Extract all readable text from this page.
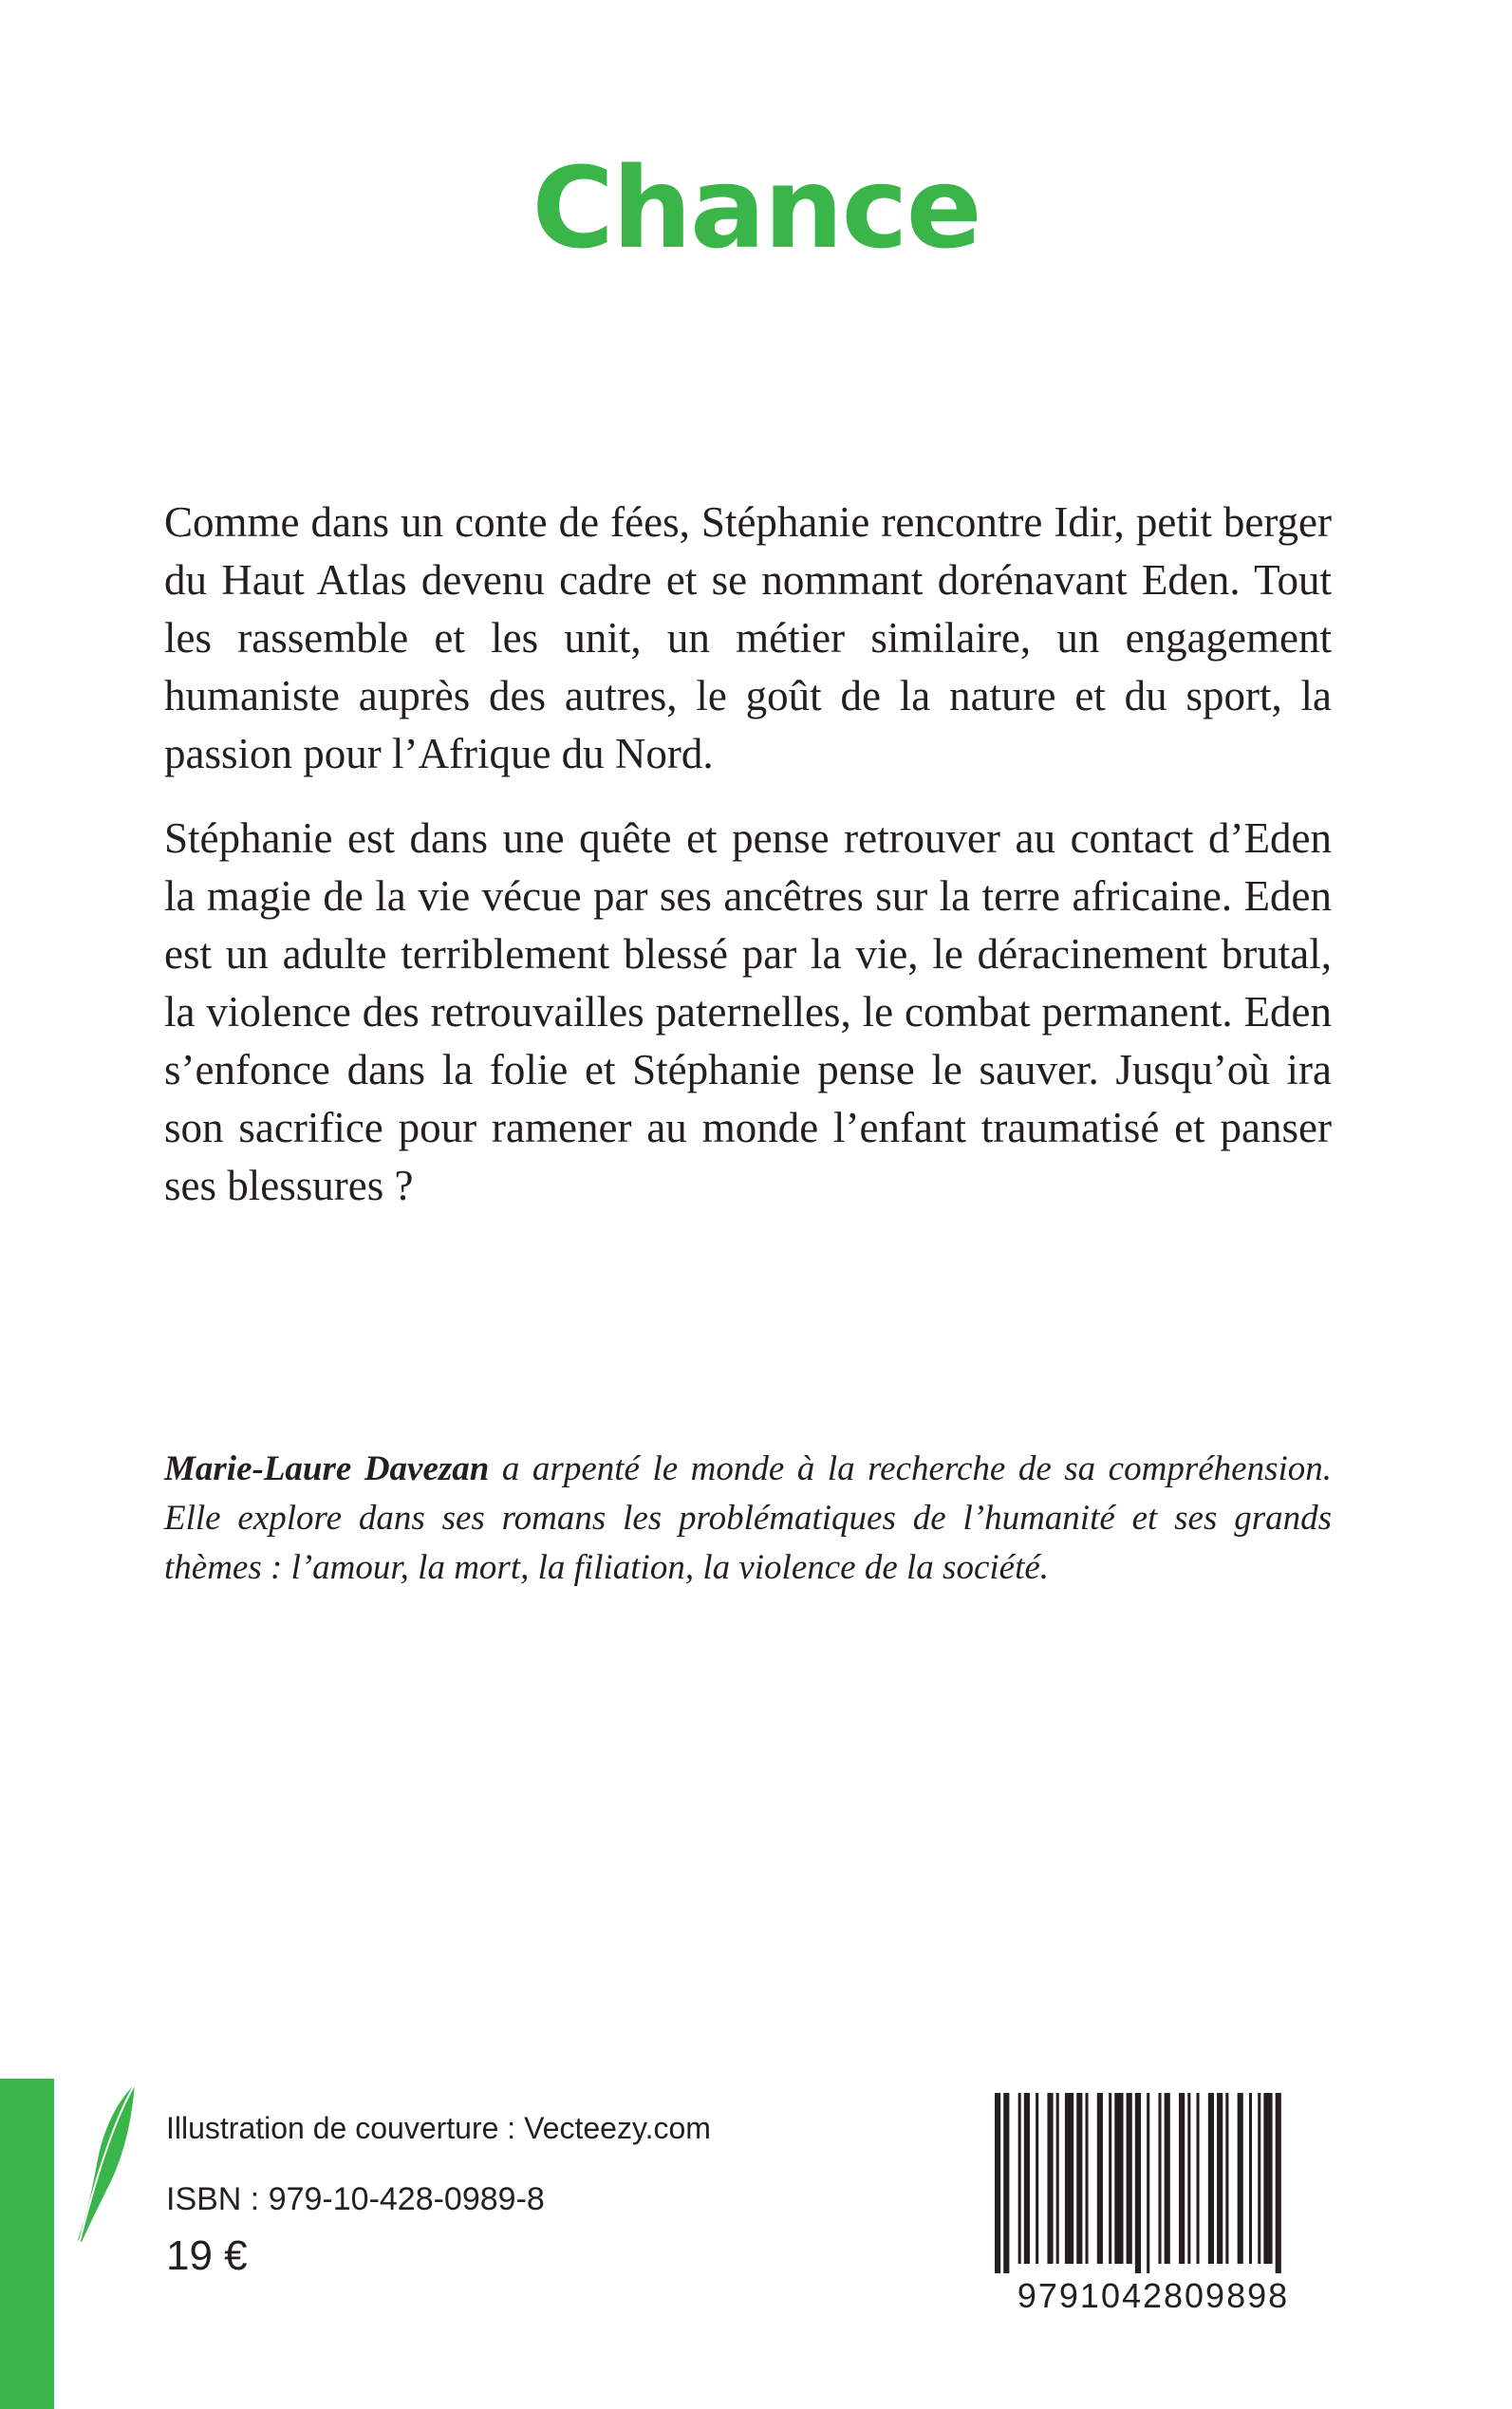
Chance

Comme dans un conte de fées, Stéphanie rencontre Idir, petit berger du Haut Atlas devenu cadre et se nommant dorénavant Eden. Tout les rassemble et les unit, un métier similaire, un engagement humaniste auprès des autres, le goût de la nature et du sport, la passion pour l’Afrique du Nord.

Stéphanie est dans une quête et pense retrouver au contact d’Eden la magie de la vie vécue par ses ancêtres sur la terre africaine. Eden est un adulte terriblement blessé par la vie, le déracinement brutal, la violence des retrouvailles paternelles, le combat permanent. Eden s’enfonce dans la folie et Stéphanie pense le sauver. Jusqu’où ira son sacrifice pour ramener au monde l’enfant traumatisé et panser ses blessures ?

Marie-Laure Davezan a arpenté le monde à la recherche de sa compréhension. Elle explore dans ses romans les problématiques de l’humanité et ses grands thèmes : l’amour, la mort, la filiation, la violence de la société.

Illustration de couverture : Vecteezy.com
ISBN : 979-10-428-0989-8
19 €
9791042809898
